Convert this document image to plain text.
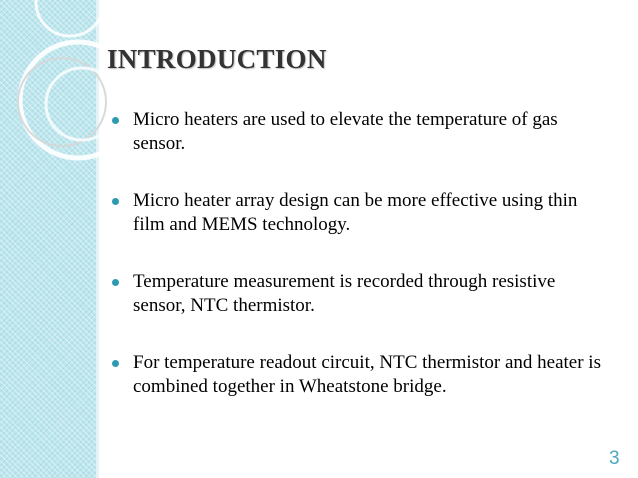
INTRODUCTION
Micro heaters are used to elevate the temperature of gas sensor.
Micro heater array design can be more effective using thin film and MEMS technology.
Temperature measurement is recorded through resistive sensor, NTC thermistor.
For temperature readout circuit, NTC thermistor and heater is combined together in Wheatstone bridge.
3
